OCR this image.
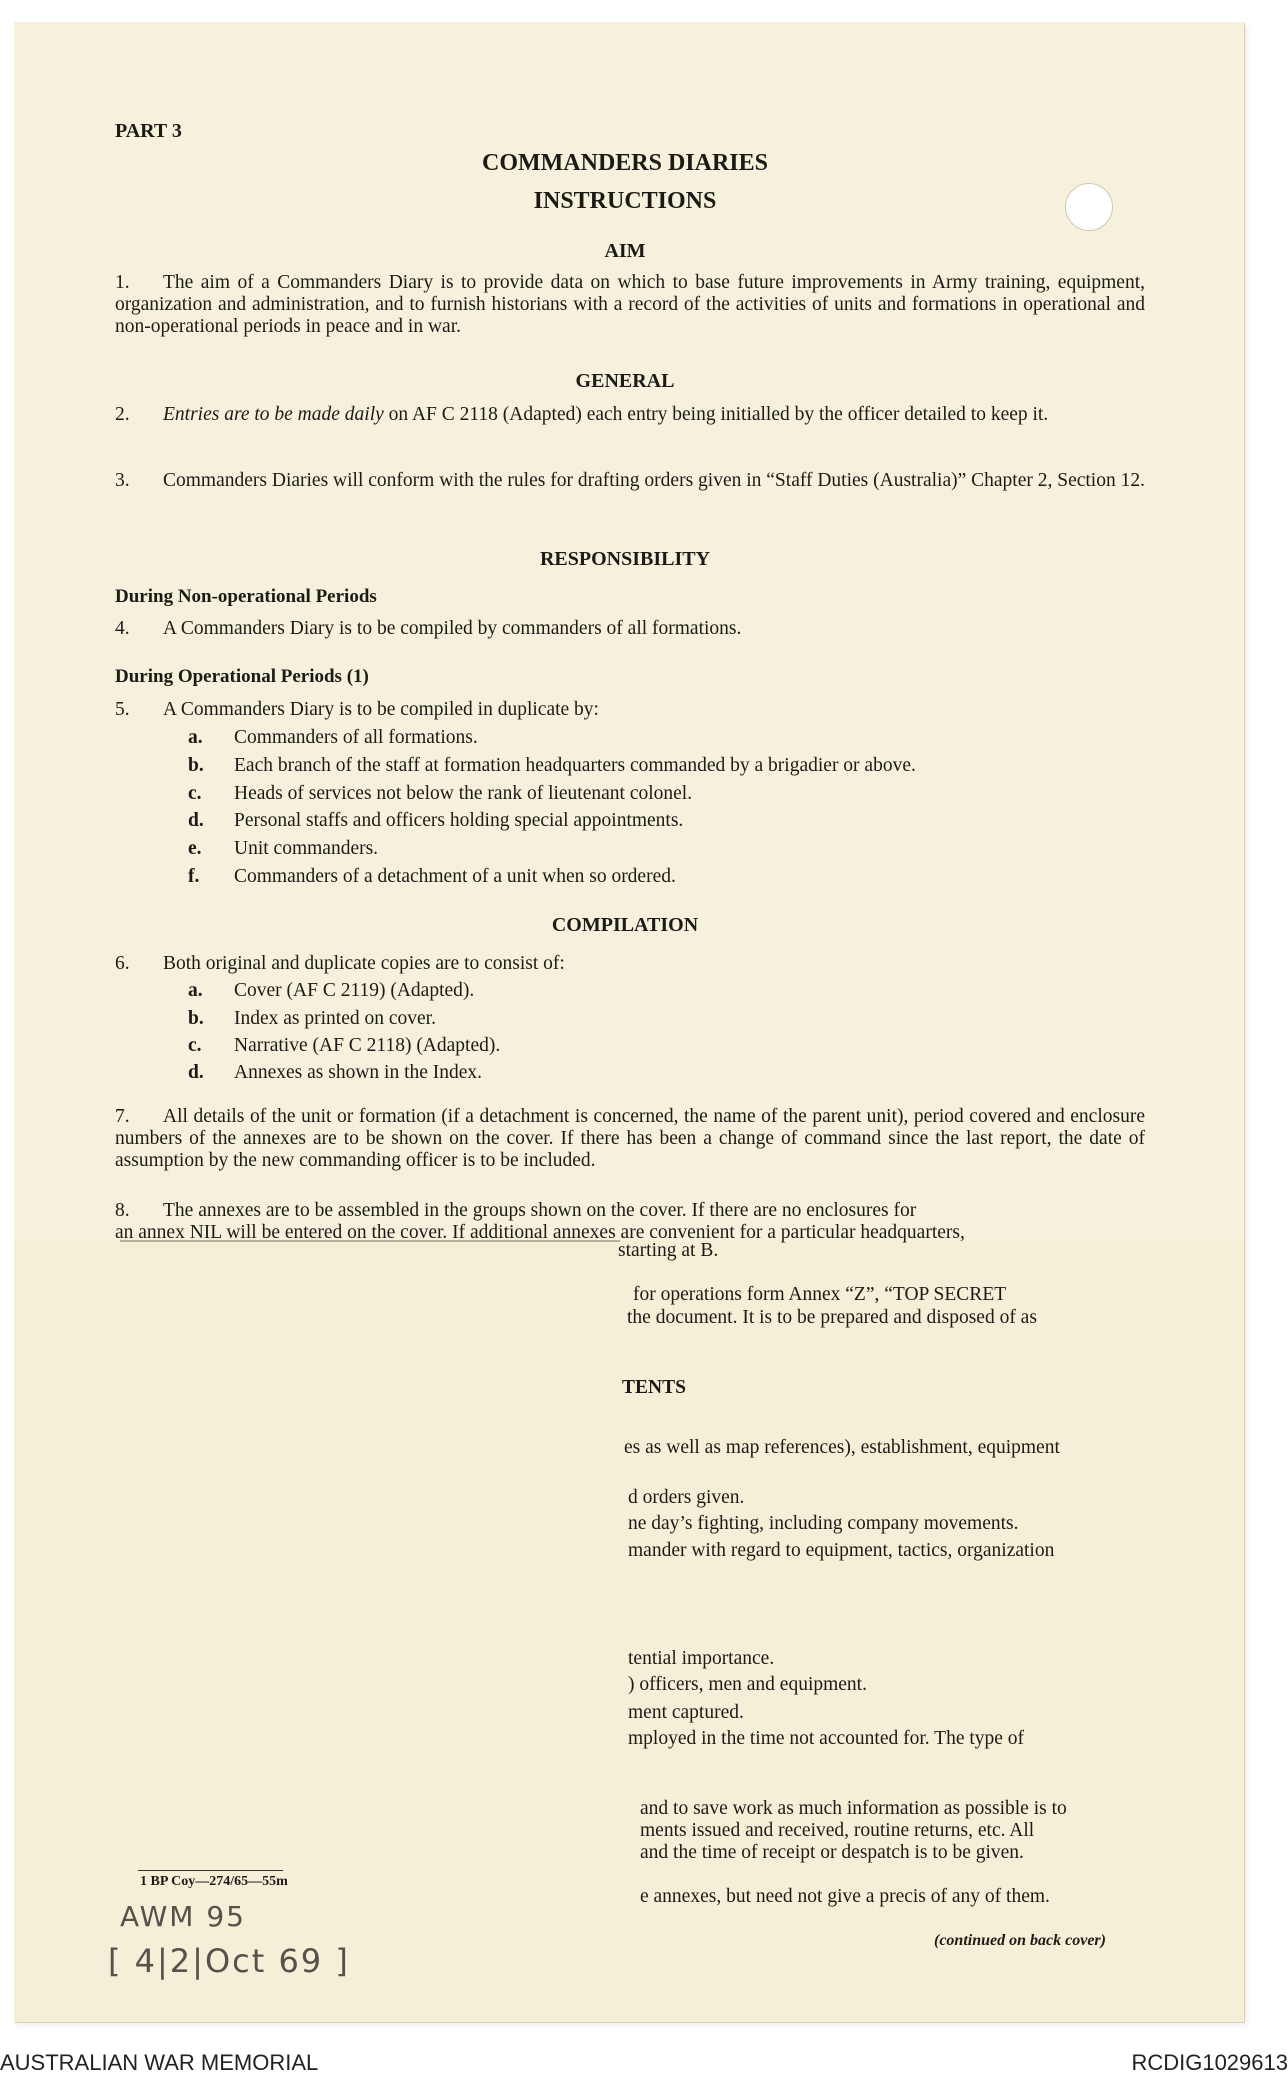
PART 3
COMMANDERS DIARIES
INSTRUCTIONS
AIM
1. The aim of a Commanders Diary is to provide data on which to base future improvements in Army training, equipment, organization and administration, and to furnish historians with a record of the activities of units and formations in operational and non-operational periods in peace and in war.
GENERAL
2. Entries are to be made daily on AF C 2118 (Adapted) each entry being initialled by the officer detailed to keep it.
3. Commanders Diaries will conform with the rules for drafting orders given in “Staff Duties (Australia)” Chapter 2, Section 12.
RESPONSIBILITY
During Non-operational Periods
4. A Commanders Diary is to be compiled by commanders of all formations.
During Operational Periods (1)
5. A Commanders Diary is to be compiled in duplicate by:
a. Commanders of all formations.
b. Each branch of the staff at formation headquarters commanded by a brigadier or above.
c. Heads of services not below the rank of lieutenant colonel.
d. Personal staffs and officers holding special appointments.
e. Unit commanders.
f. Commanders of a detachment of a unit when so ordered.
COMPILATION
6. Both original and duplicate copies are to consist of:
a. Cover (AF C 2119) (Adapted).
b. Index as printed on cover.
c. Narrative (AF C 2118) (Adapted).
d. Annexes as shown in the Index.
7. All details of the unit or formation (if a detachment is concerned, the name of the parent unit), period covered and enclosure numbers of the annexes are to be shown on the cover. If there has been a change of command since the last report, the date of assumption by the new commanding officer is to be included.
8. The annexes are to be assembled in the groups shown on the cover. If there are no enclosures for
an annex NIL will be entered on the cover. If additional annexes are convenient for a particular headquarters,
starting at B.
for operations form Annex “Z”, “TOP SECRET
the document. It is to be prepared and disposed of as
TENTS
es as well as map references), establishment, equipment
d orders given.
ne day’s fighting, including company movements.
mander with regard to equipment, tactics, organization
tential importance.
) officers, men and equipment.
ment captured.
mployed in the time not accounted for. The type of
and to save work as much information as possible is to
ments issued and received, routine returns, etc. All
and the time of receipt or despatch is to be given.
e annexes, but need not give a precis of any of them.
1 BP Coy—274/65—55m
AWM 95
[ 4|2|Oct 69 ]
(continued on back cover)
AUSTRALIAN WAR MEMORIAL	RCDIG1029613
